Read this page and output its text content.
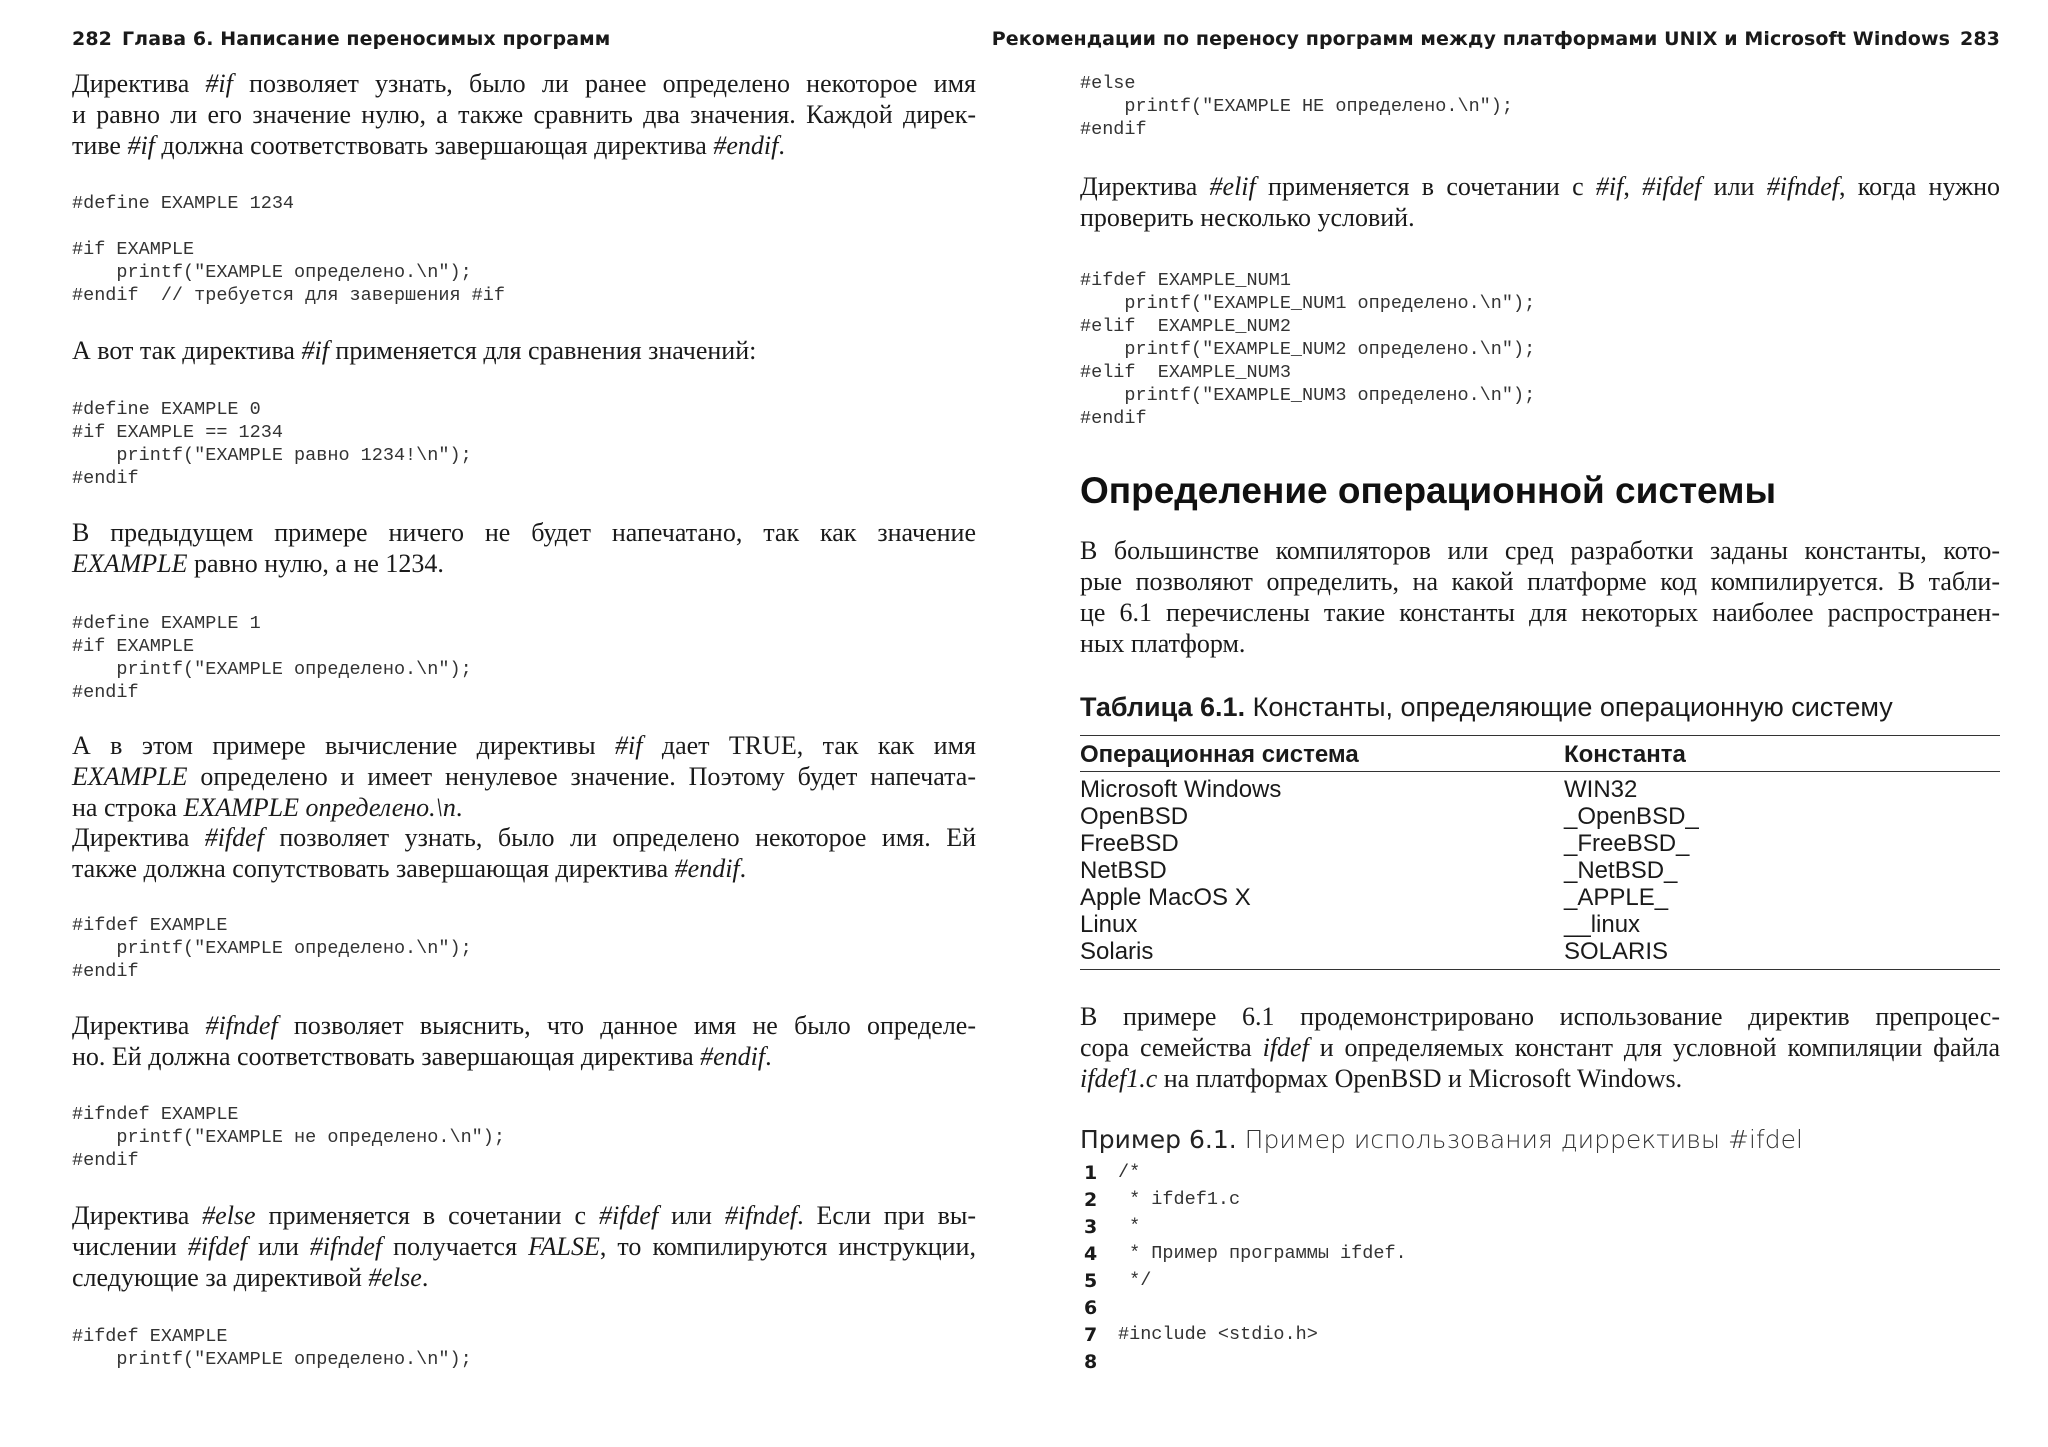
282 Глава 6. Написание переносимых программ
Директива #if позволяет узнать, было ли ранее определено некоторое имя
и равно ли его значение нулю, а также сравнить два значения. Каждой дирек-
тиве #if должна соответствовать завершающая директива #endif.
#define EXAMPLE 1234

#if EXAMPLE
printf("EXAMPLE определено.\n");
#endif  // требуется для завершения #if
А вот так директива #if применяется для сравнения значений:
#define EXAMPLE 0
#if EXAMPLE == 1234
printf("EXAMPLE равно 1234!\n");
#endif
В предыдущем примере ничего не будет напечатано, так как значение
EXAMPLE равно нулю, а не 1234.
#define EXAMPLE 1
#if EXAMPLE
printf("EXAMPLE определено.\n");
#endif
А в этом примере вычисление директивы #if дает TRUE, так как имя
EXAMPLE определено и имеет ненулевое значение. Поэтому будет напечата-
на строка EXAMPLE определено.\n.
Директива #ifdef позволяет узнать, было ли определено некоторое имя. Ей
также должна сопутствовать завершающая директива #endif.
#ifdef EXAMPLE
printf("EXAMPLE определено.\n");
#endif
Директива #ifndef позволяет выяснить, что данное имя не было определе-
но. Ей должна соответствовать завершающая директива #endif.
#ifndef EXAMPLE
printf("EXAMPLE не определено.\n");
#endif
Директива #else применяется в сочетании с #ifdef или #ifndef. Если при вы-
числении #ifdef или #ifndef получается FALSE, то компилируются инструкции,
следующие за директивой #else.
#ifdef EXAMPLE
printf("EXAMPLE определено.\n");
Рекомендации по переносу программ между платформами UNIX и Microsoft Windows 283
#else
printf("EXAMPLE НЕ определено.\n");
#endif
Директива #elif применяется в сочетании с #if, #ifdef или #ifndef, когда нужно
проверить несколько условий.
#ifdef EXAMPLE_NUM1
printf("EXAMPLE_NUM1 определено.\n");
#elif  EXAMPLE_NUM2
printf("EXAMPLE_NUM2 определено.\n");
#elif  EXAMPLE_NUM3
printf("EXAMPLE_NUM3 определено.\n");
#endif
Определение операционной системы
В большинстве компиляторов или сред разработки заданы константы, кото-
рые позволяют определить, на какой платформе код компилируется. В табли-
це 6.1 перечислены такие константы для некоторых наиболее распространен-
ных платформ.
Таблица 6.1. Константы, определяющие операционную систему
Операционная система	Константа
Microsoft Windows	WIN32
OpenBSD	_OpenBSD_
FreeBSD	_FreeBSD_
NetBSD	_NetBSD_
Apple MacOS X	_APPLE_
Linux	__linux
Solaris	SOLARIS
В примере 6.1 продемонстрировано использование директив препроцес-
сора семейства ifdef и определяемых констант для условной компиляции файла
ifdef1.c на платформах OpenBSD и Microsoft Windows.
Пример 6.1. Пример использования диррективы #ifdel
1	/*
2	* ifdef1.c
3	*
4	* Пример программы ifdef.
5	*/
6
7	#include <stdio.h>
8
